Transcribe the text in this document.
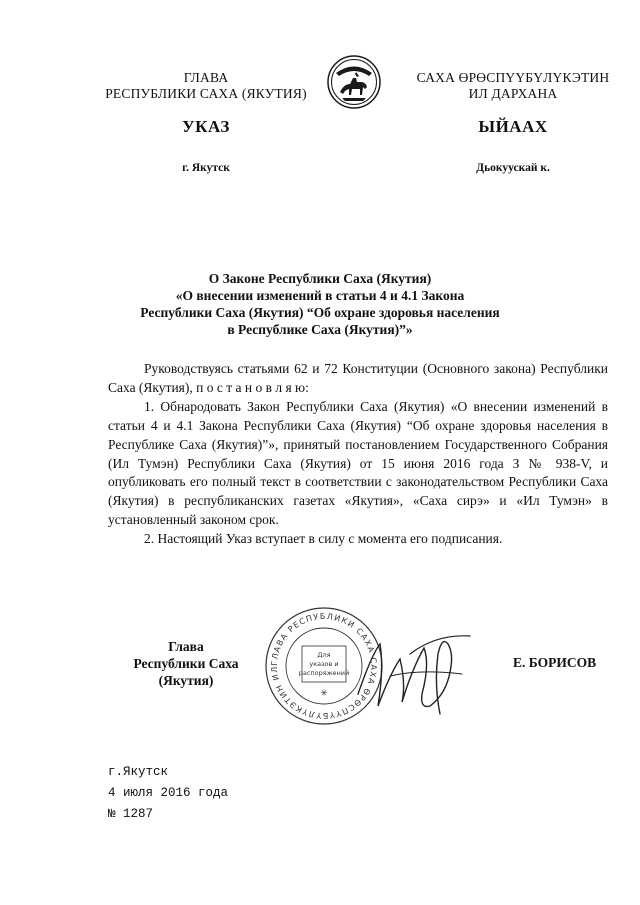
ГЛАВА
РЕСПУБЛИКИ САХА (ЯКУТИЯ)
САХА ӨРӨСПҮҮБҮЛҮКЭТИН
ИЛ ДАРХАНА
УКАЗ	ЫЙААХ
г. Якутск	Дьокуускай к.
О Законе Республики Саха (Якутия)
«О внесении изменений в статьи 4 и 4.1 Закона
Республики Саха (Якутия) “Об охране здоровья населения
в Республике Саха (Якутия)”»

Руководствуясь статьями 62 и 72 Конституции (Основного закона) Республики Саха (Якутия), п о с т а н о в л я ю:

1. Обнародовать Закон Республики Саха (Якутия) «О внесении изменений в статьи 4 и 4.1 Закона Республики Саха (Якутия) “Об охране здоровья населения в Республике Саха (Якутия)”», принятый постановлением Государственного Собрания (Ил Тумэн) Республики Саха (Якутия) от 15 июня 2016 года З № 938-V, и опубликовать его полный текст в соответствии с законодательством Республики Саха (Якутия) в республиканских газетах «Якутия», «Саха сирэ» и «Ил Тумэн» в установленный законом срок.

2. Настоящий Указ вступает в силу с момента его подписания.

Глава
Республики Саха (Якутия)
ГЛАВА РЕСПУБЛИКИ САХА САХА ӨРӨСПҮҮБҮЛҮКЭТИН ИЛ
Для
указов и
распоряжений
✳
Е. БОРИСОВ
г.Якутск
4 июля 2016 года
№ 1287
